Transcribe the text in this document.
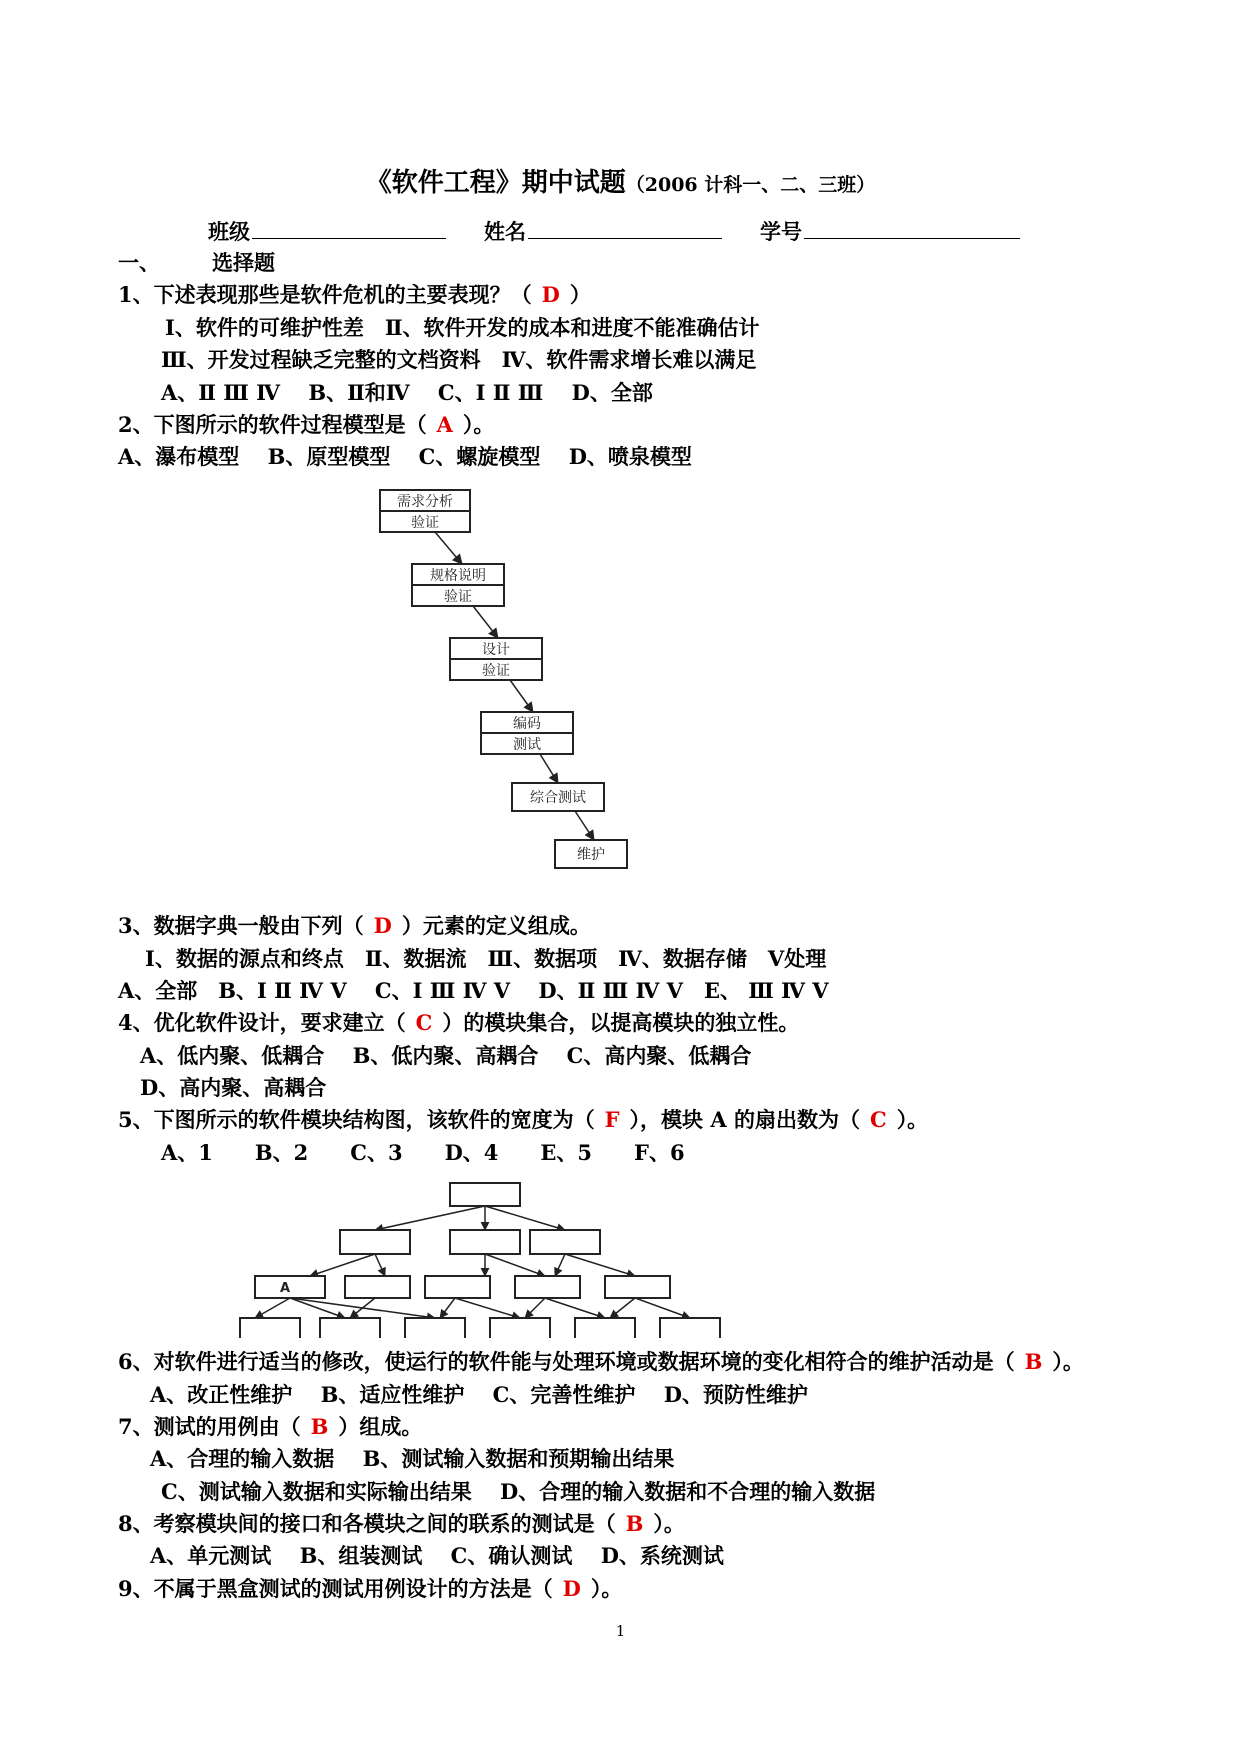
《软件工程》期中试题（2006 计科一、二、三班）
班级	姓名	学号
一、 选择题
1、下述表现那些是软件危机的主要表现？（ D ）
Ⅰ、软件的可维护性差　Ⅱ、软件开发的成本和进度不能准确估计
Ⅲ、开发过程缺乏完整的文档资料　Ⅳ、软件需求增长难以满足
A、Ⅱ Ⅲ Ⅳ　 B、Ⅱ和Ⅳ　 C、Ⅰ Ⅱ Ⅲ　 D、全部
2、下图所示的软件过程模型是（ A ）。
A、瀑布模型　 B、原型模型　 C、螺旋模型　 D、喷泉模型
需求分析
验证
规格说明
验证
设计
验证
编码
测试
综合测试
维护
3、数据字典一般由下列（ D ）元素的定义组成。
Ⅰ、数据的源点和终点　Ⅱ、数据流　Ⅲ、数据项　Ⅳ、数据存储　Ⅴ处理
A、全部　B、Ⅰ Ⅱ Ⅳ Ⅴ　 C、Ⅰ Ⅲ Ⅳ Ⅴ　 D、Ⅱ Ⅲ Ⅳ Ⅴ　E、 Ⅲ Ⅳ Ⅴ
4、优化软件设计，要求建立（ C ）的模块集合，以提高模块的独立性。
A、低内聚、低耦合　 B、低内聚、高耦合　 C、高内聚、低耦合
D、高内聚、高耦合
5、下图所示的软件模块结构图，该软件的宽度为（ F ），模块 A 的扇出数为（ C ）。
A、1　　B、2　　C、3　　D、4　　E、5　　F、6
A
6、对软件进行适当的修改，使运行的软件能与处理环境或数据环境的变化相符合的维护活动是（ B ）。
A、改正性维护　 B、适应性维护　 C、完善性维护　 D、预防性维护
7、测试的用例由（ B ）组成。
A、合理的输入数据　 B、测试输入数据和预期输出结果
C、测试输入数据和实际输出结果　 D、合理的输入数据和不合理的输入数据
8、考察模块间的接口和各模块之间的联系的测试是（ B ）。
A、单元测试　 B、组装测试　 C、确认测试　 D、系统测试
9、不属于黑盒测试的测试用例设计的方法是（ D ）。
1
